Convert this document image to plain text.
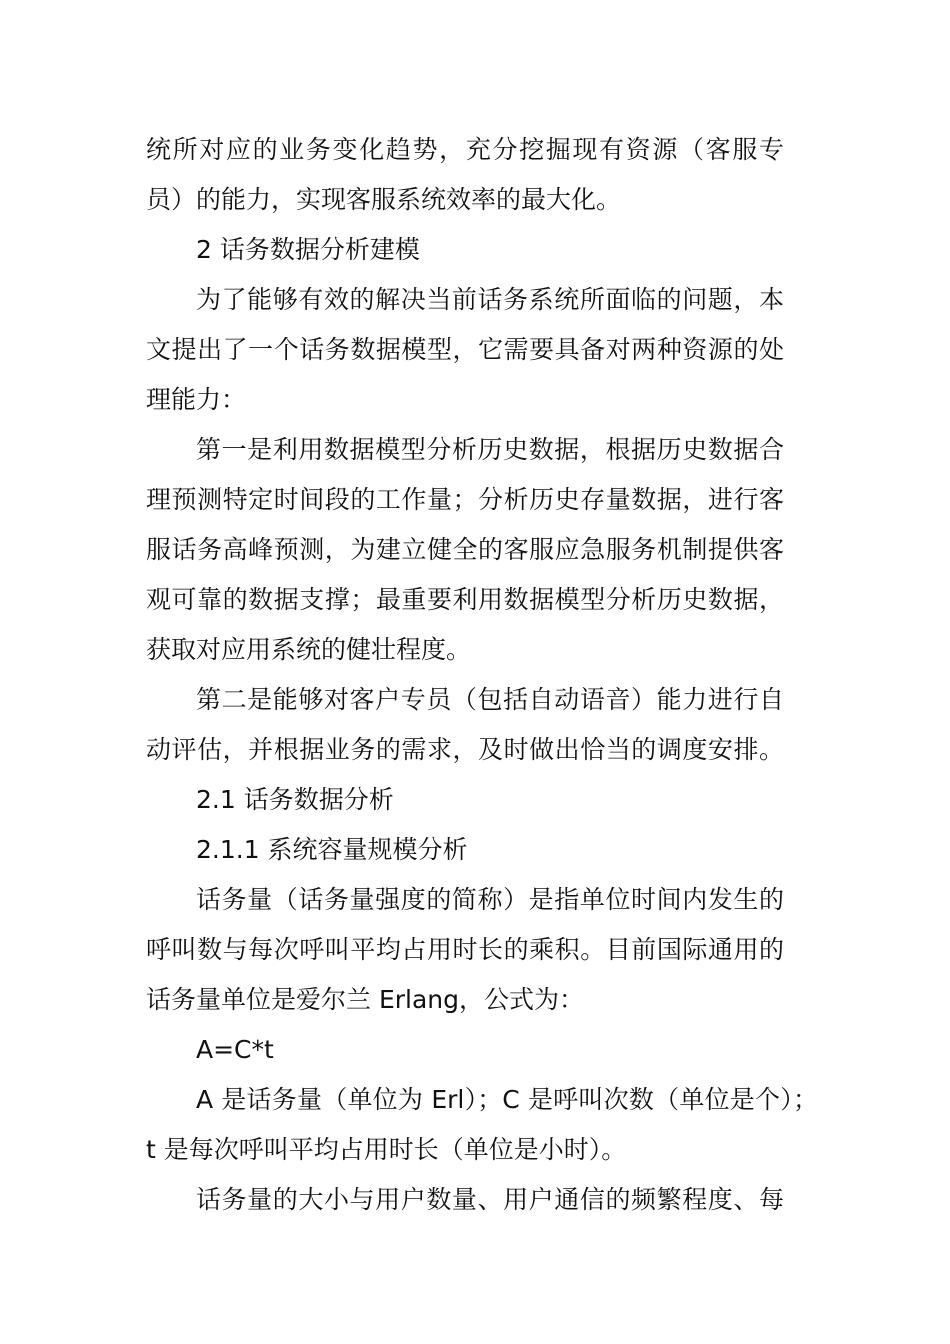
统所对应的业务变化趋势，充分挖掘现有资源（客服专
员）的能力，实现客服系统效率的最大化。
2 话务数据分析建模
为了能够有效的解决当前话务系统所面临的问题，本
文提出了一个话务数据模型，它需要具备对两种资源的处
理能力：
第一是利用数据模型分析历史数据，根据历史数据合
理预测特定时间段的工作量；分析历史存量数据，进行客
服话务高峰预测，为建立健全的客服应急服务机制提供客
观可靠的数据支撑；最重要利用数据模型分析历史数据，
获取对应用系统的健壮程度。
第二是能够对客户专员（包括自动语音）能力进行自
动评估，并根据业务的需求，及时做出恰当的调度安排。
2.1 话务数据分析
2.1.1 系统容量规模分析
话务量（话务量强度的简称）是指单位时间内发生的
呼叫数与每次呼叫平均占用时长的乘积。目前国际通用的
话务量单位是爱尔兰 Erlang，公式为：
A=C*t
A 是话务量（单位为 Erl）；C 是呼叫次数（单位是个）；
t 是每次呼叫平均占用时长（单位是小时）。
话务量的大小与用户数量、用户通信的频繁程度、每
